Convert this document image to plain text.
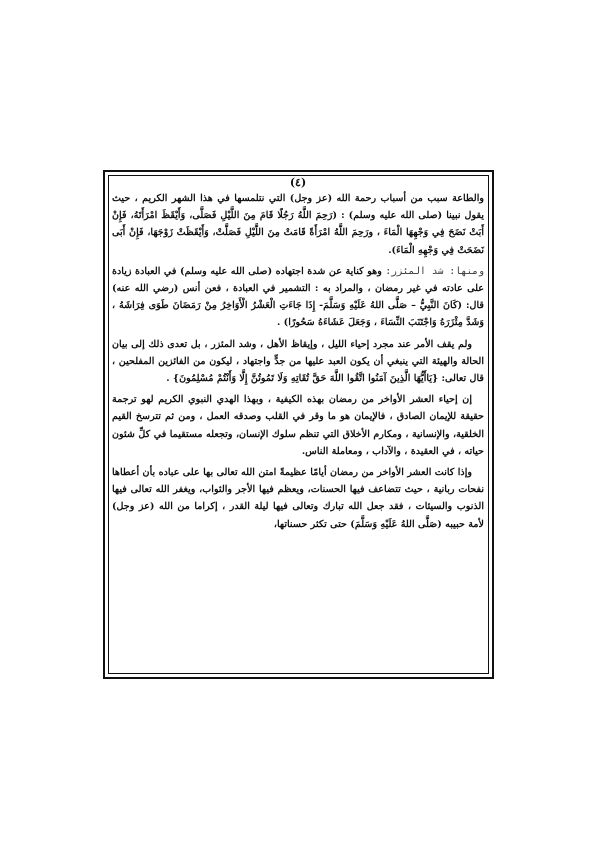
(٤)

والطاعة سبب من أسباب رحمة الله (عز وجل) التي نتلمسها في هذا الشهر الكريم ، حيث يقول نبينا (صلى الله عليه وسلم) : (رَحِمَ اللَّهُ رَجُلًا قَامَ مِنَ اللَّيْلِ فَصَلَّى، وَأَيْقَظَ امْرَأَتَهُ، فَإِنْ أَبَتْ نَضَحَ فِي وَجْهِهَا الْمَاءَ ، ورَحِمَ اللَّهُ امْرَأَةً قَامَتْ مِنَ اللَّيْلِ فَصَلَّتْ، وَأَيْقَظَتْ زَوْجَهَا، فَإِنْ أَبَى نَضَحَتْ فِي وَجْهِهِ الْمَاءَ).

ومنها: شد المئزر: وهو كناية عن شدة اجتهاده (صلى الله عليه وسلم) في العبادة زيادة على عادته في غير رمضان ، والمراد به : التشمير في العبادة ، فعن أنس (رضي الله عنه) قال: (كَانَ النَّبِيُّ – صَلَّى اللهُ عَلَيْهِ وَسَلَّمَ- إِذَا جَاءَتِ الْعَشْرُ الْأَوَاخِرُ مِنْ رَمَضَانَ طَوَى فِرَاشَهُ ، وَشَدَّ مِئْزَرَهُ وَاجْتَنَبَ النِّسَاءَ ، وَجَعَلَ عَشَاءَهُ سَحُورًا) .

ولم يقف الأمر عند مجرد إحياء الليل ، وإيقاظ الأهل ، وشد المئزر ، بل تعدى ذلك إلى بيان الحالة والهيئة التي ينبغي أن يكون العبد عليها من جدٍّ واجتهاد ، ليكون من الفائزين المفلحين ، قال تعالى: {يَاأَيُّهَا الَّذِينَ آمَنُوا اتَّقُوا اللَّهَ حَقَّ تُقَاتِهِ وَلَا تَمُوتُنَّ إِلَّا وَأَنْتُمْ مُسْلِمُونَ} .

إن إحياء العشر الأواخر من رمضان بهذه الكيفية ، وبهذا الهدي النبوي الكريم لهو ترجمة حقيقة للإيمان الصادق ، فالإيمان هو ما وقر في القلب وصدقه العمل ، ومن ثم تترسخ القيم الخلقية، والإنسانية ، ومكارم الأخلاق التي تنظم سلوك الإنسان، وتجعله مستقيما في كلِّ شئون حياته ، في العقيدة ، والآداب ، ومعاملة الناس.

وإذا كانت العشر الأواخر من رمضان أيامًا عظيمةً امتن الله تعالى بها على عباده بأن أعطاها نفحات ربانية ، حيث تتضاعف فيها الحسنات، ويعظم فيها الأجر والثواب، ويغفر الله تعالى فيها الذنوب والسيئات ، فقد جعل الله تبارك وتعالى فيها ليلة القدر ، إكراما من الله (عز وجل) لأمة حبيبه (صَلَّى اللهُ عَلَيْهِ وَسَلَّمَ) حتى تكثر حسناتها،
